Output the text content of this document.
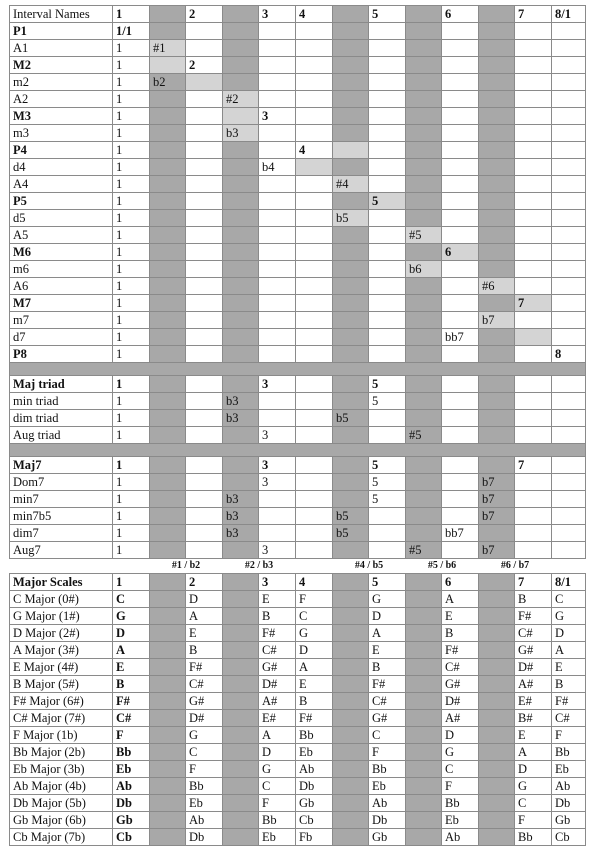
Interval Names	1		2		3	4		5		6		7	8/1
P1	1/1												
A1	1	#1											
M2	1		2										
m2	1	b2											
A2	1			#2									
M3	1				3								
m3	1			b3									
P4	1					4							
d4	1				b4								
A4	1						#4						
P5	1							5					
d5	1						b5						
A5	1								#5				
M6	1									6			
m6	1								b6				
A6	1										#6		
M7	1											7	
m7	1										b7		
d7	1									bb7			
P8	1												8

Maj triad	1				3			5					
min triad	1			b3				5					
dim triad	1			b3			b5						
Aug triad	1				3				#5				

Maj7	1				3			5				7	
Dom7	1				3			5			b7		
min7	1			b3				5			b7		
min7b5	1			b3			b5				b7		
dim7	1			b3			b5			bb7			
Aug7	1				3				#5		b7		
		#1 / b2		#2 / b3			#4 / b5		#5 / b6		#6 / b7		
Major Scales	1		2		3	4		5		6		7	8/1
C Major (0#)	C		D		E	F		G		A		B	C
G Major (1#)	G		A		B	C		D		E		F#	G
D Major (2#)	D		E		F#	G		A		B		C#	D
A Major (3#)	A		B		C#	D		E		F#		G#	A
E Major (4#)	E		F#		G#	A		B		C#		D#	E
B Major (5#)	B		C#		D#	E		F#		G#		A#	B
F# Major (6#)	F#		G#		A#	B		C#		D#		E#	F#
C# Major (7#)	C#		D#		E#	F#		G#		A#		B#	C#
F Major (1b)	F		G		A	Bb		C		D		E	F
Bb Major (2b)	Bb		C		D	Eb		F		G		A	Bb
Eb Major (3b)	Eb		F		G	Ab		Bb		C		D	Eb
Ab Major (4b)	Ab		Bb		C	Db		Eb		F		G	Ab
Db Major (5b)	Db		Eb		F	Gb		Ab		Bb		C	Db
Gb Major (6b)	Gb		Ab		Bb	Cb		Db		Eb		F	Gb
Cb Major (7b)	Cb		Db		Eb	Fb		Gb		Ab		Bb	Cb
